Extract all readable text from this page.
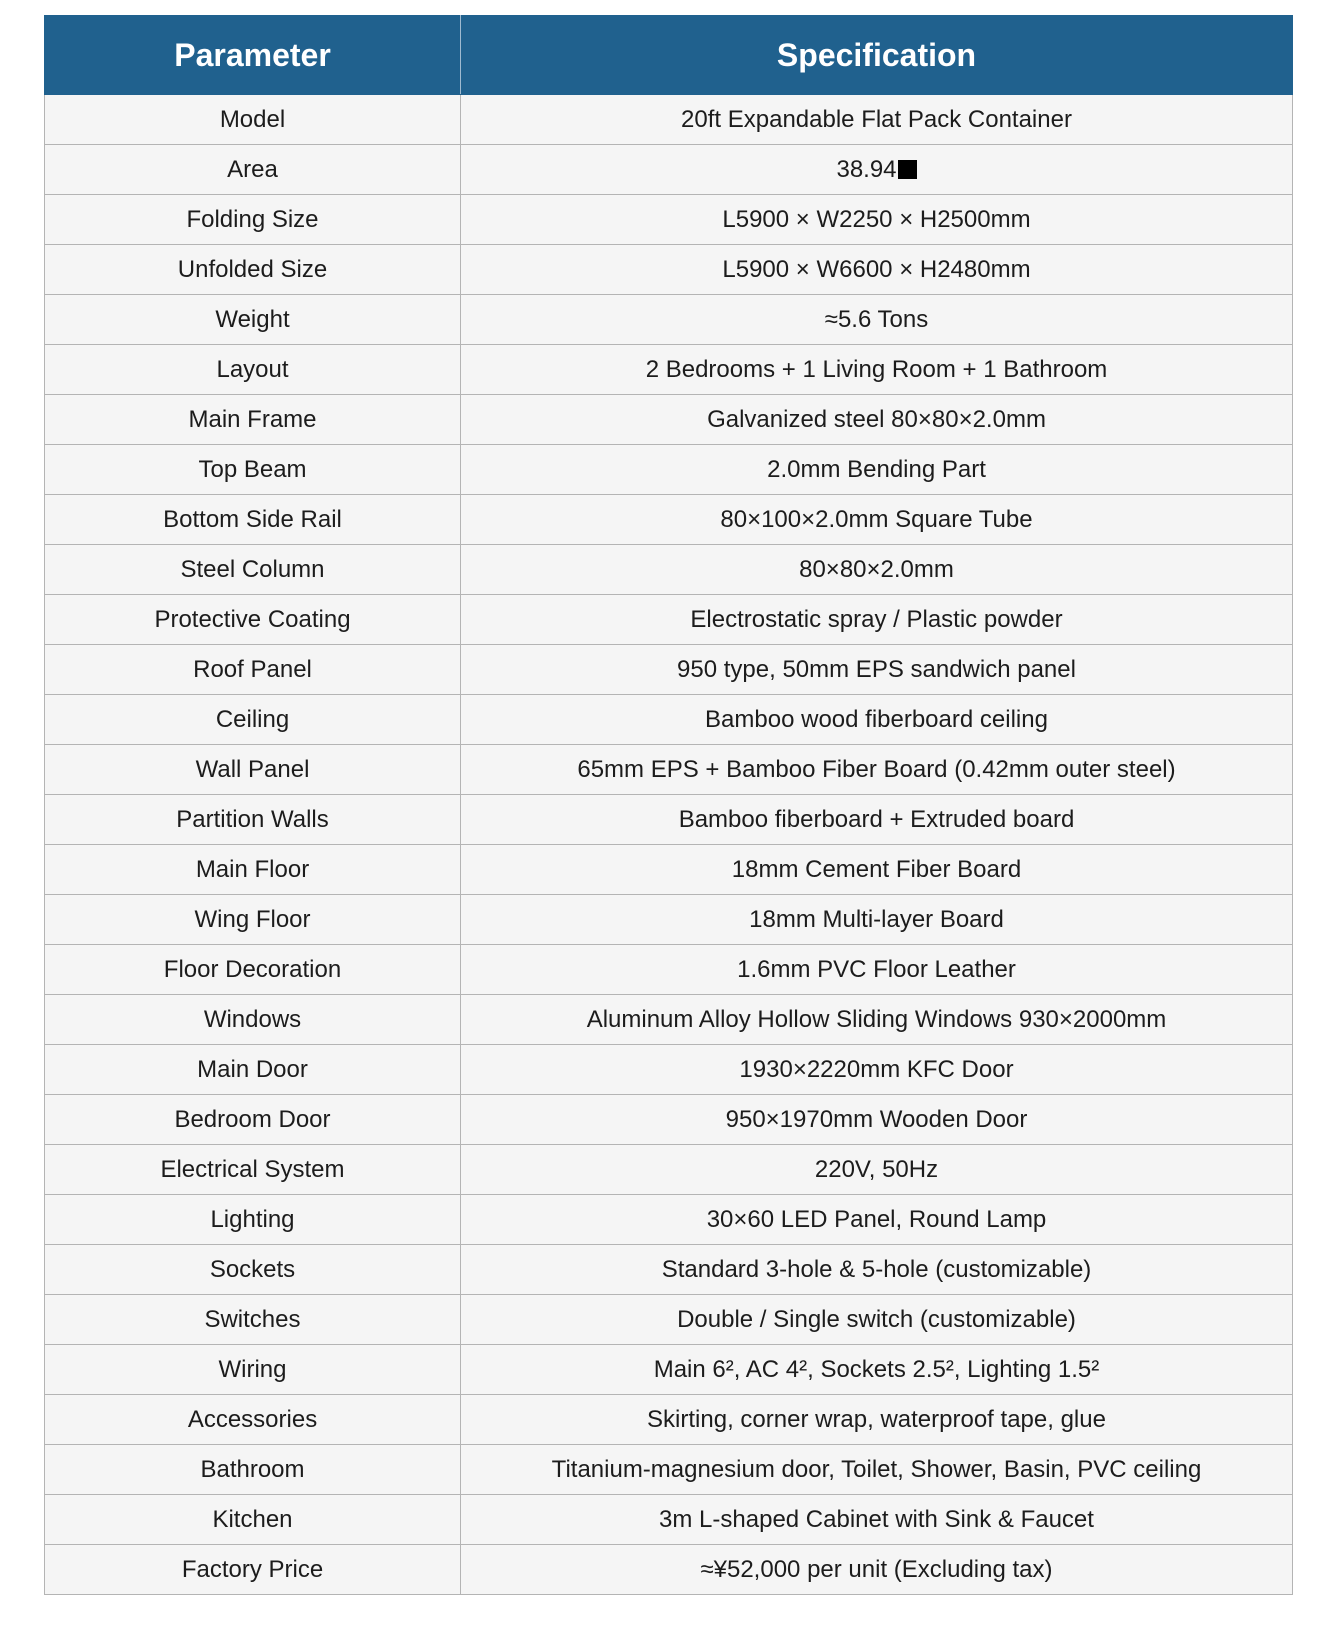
Parameter	Specification
Model	20ft Expandable Flat Pack Container
Area	38.94
Folding Size	L5900 × W2250 × H2500mm
Unfolded Size	L5900 × W6600 × H2480mm
Weight	≈5.6 Tons
Layout	2 Bedrooms + 1 Living Room + 1 Bathroom
Main Frame	Galvanized steel 80×80×2.0mm
Top Beam	2.0mm Bending Part
Bottom Side Rail	80×100×2.0mm Square Tube
Steel Column	80×80×2.0mm
Protective Coating	Electrostatic spray / Plastic powder
Roof Panel	950 type, 50mm EPS sandwich panel
Ceiling	Bamboo wood fiberboard ceiling
Wall Panel	65mm EPS + Bamboo Fiber Board (0.42mm outer steel)
Partition Walls	Bamboo fiberboard + Extruded board
Main Floor	18mm Cement Fiber Board
Wing Floor	18mm Multi-layer Board
Floor Decoration	1.6mm PVC Floor Leather
Windows	Aluminum Alloy Hollow Sliding Windows 930×2000mm
Main Door	1930×2220mm KFC Door
Bedroom Door	950×1970mm Wooden Door
Electrical System	220V, 50Hz
Lighting	30×60 LED Panel, Round Lamp
Sockets	Standard 3-hole & 5-hole (customizable)
Switches	Double / Single switch (customizable)
Wiring	Main 6², AC 4², Sockets 2.5², Lighting 1.5²
Accessories	Skirting, corner wrap, waterproof tape, glue
Bathroom	Titanium-magnesium door, Toilet, Shower, Basin, PVC ceiling
Kitchen	3m L-shaped Cabinet with Sink & Faucet
Factory Price	≈¥52,000 per unit (Excluding tax)
